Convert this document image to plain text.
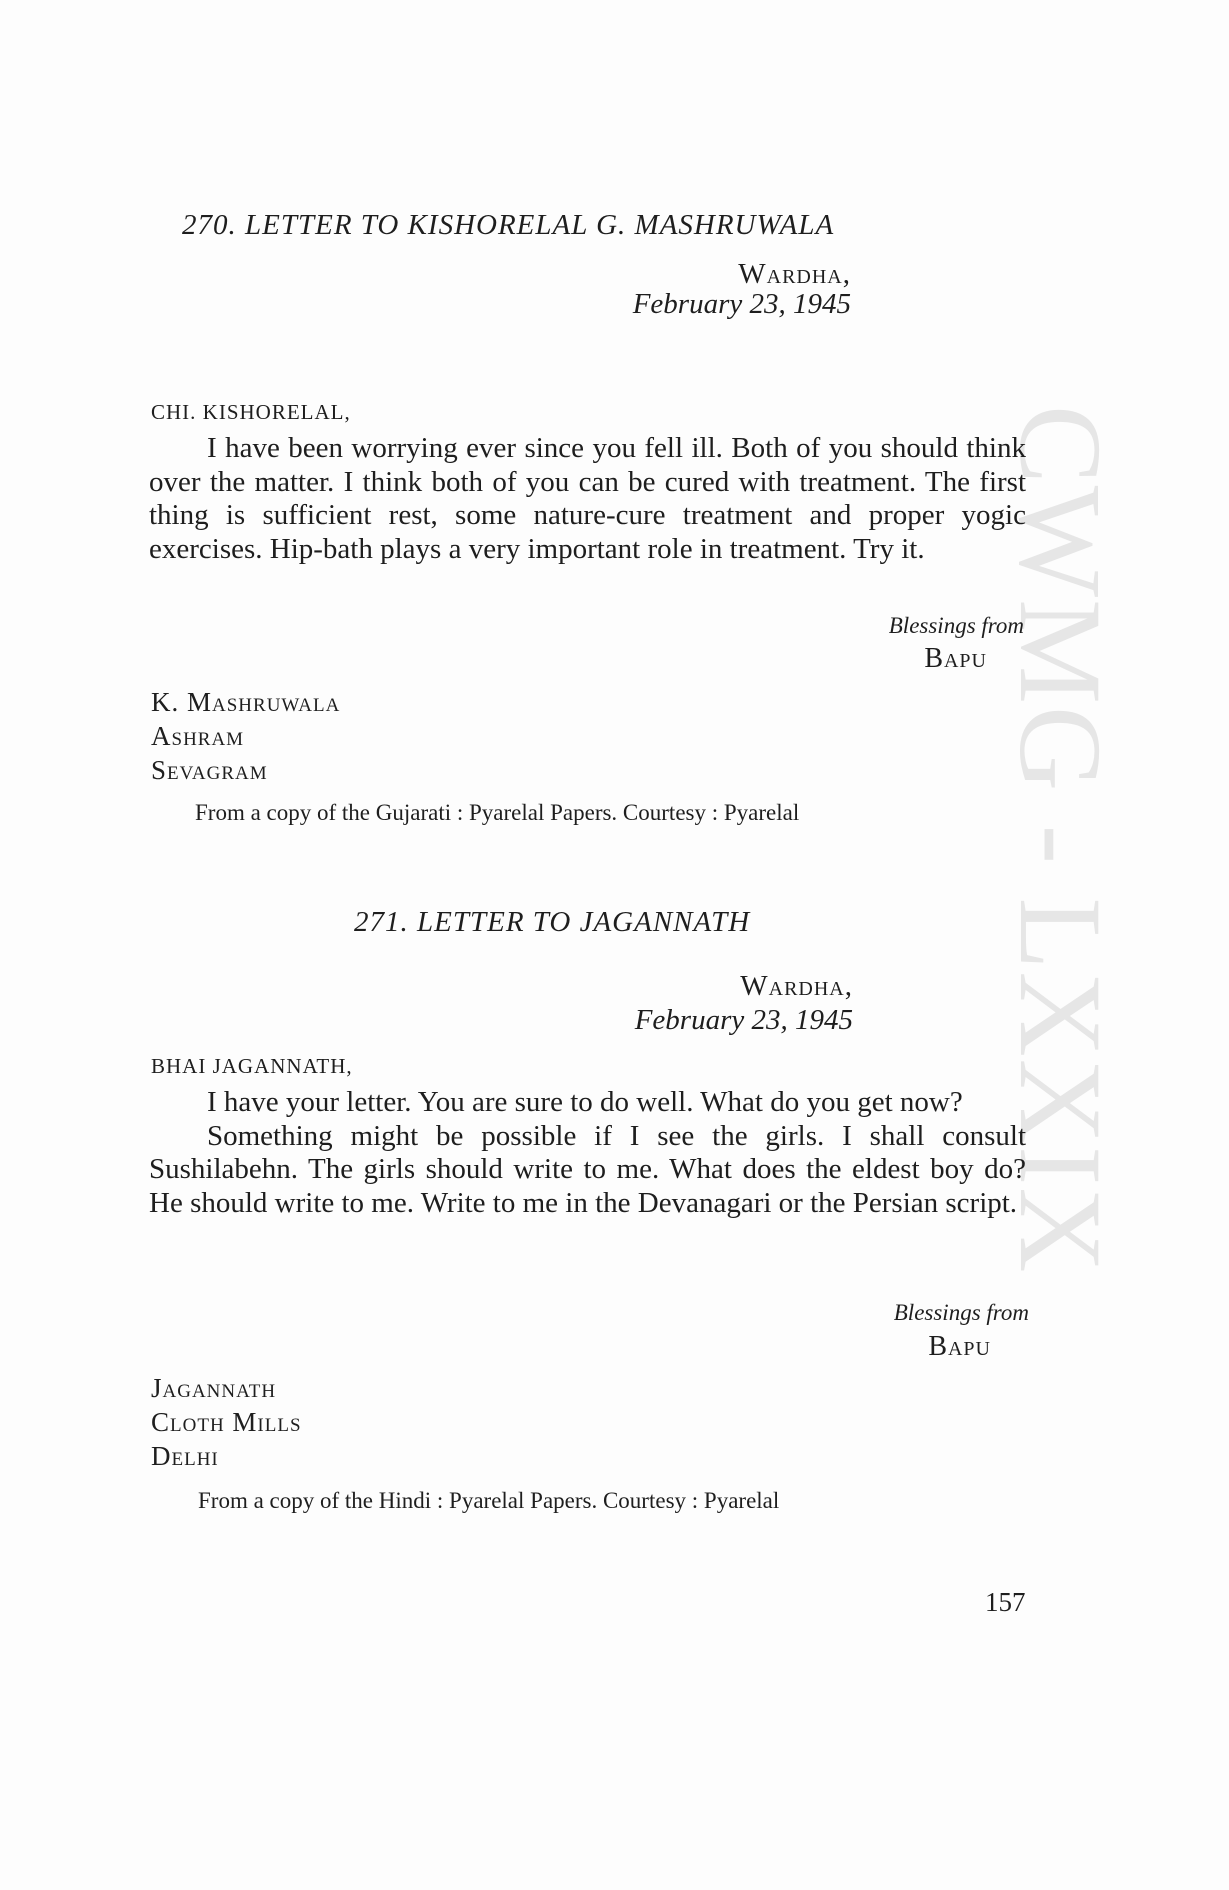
CWMG - LXXIX
270. LETTER TO KISHORELAL G. MASHRUWALA
Wardha,
February 23, 1945
CHI. KISHORELAL,

I have been worrying ever since you fell ill. Both of you should think over the matter. I think both of you can be cured with treatment. The first thing is sufficient rest, some nature-cure treatment and proper yogic exercises. Hip-bath plays a very important role in treatment. Try it.

Blessings from
Bapu
K. Mashruwala
Ashram
Sevagram
From a copy of the Gujarati : Pyarelal Papers. Courtesy : Pyarelal
271. LETTER TO JAGANNATH
Wardha,
February 23, 1945
BHAI JAGANNATH,

I have your letter. You are sure to do well. What do you get now?

Something might be possible if I see the girls. I shall consult Sushilabehn. The girls should write to me. What does the eldest boy do? He should write to me. Write to me in the Devanagari or the Persian script.

Blessings from
Bapu
Jagannath
Cloth Mills
Delhi
From a copy of the Hindi : Pyarelal Papers. Courtesy : Pyarelal
157
